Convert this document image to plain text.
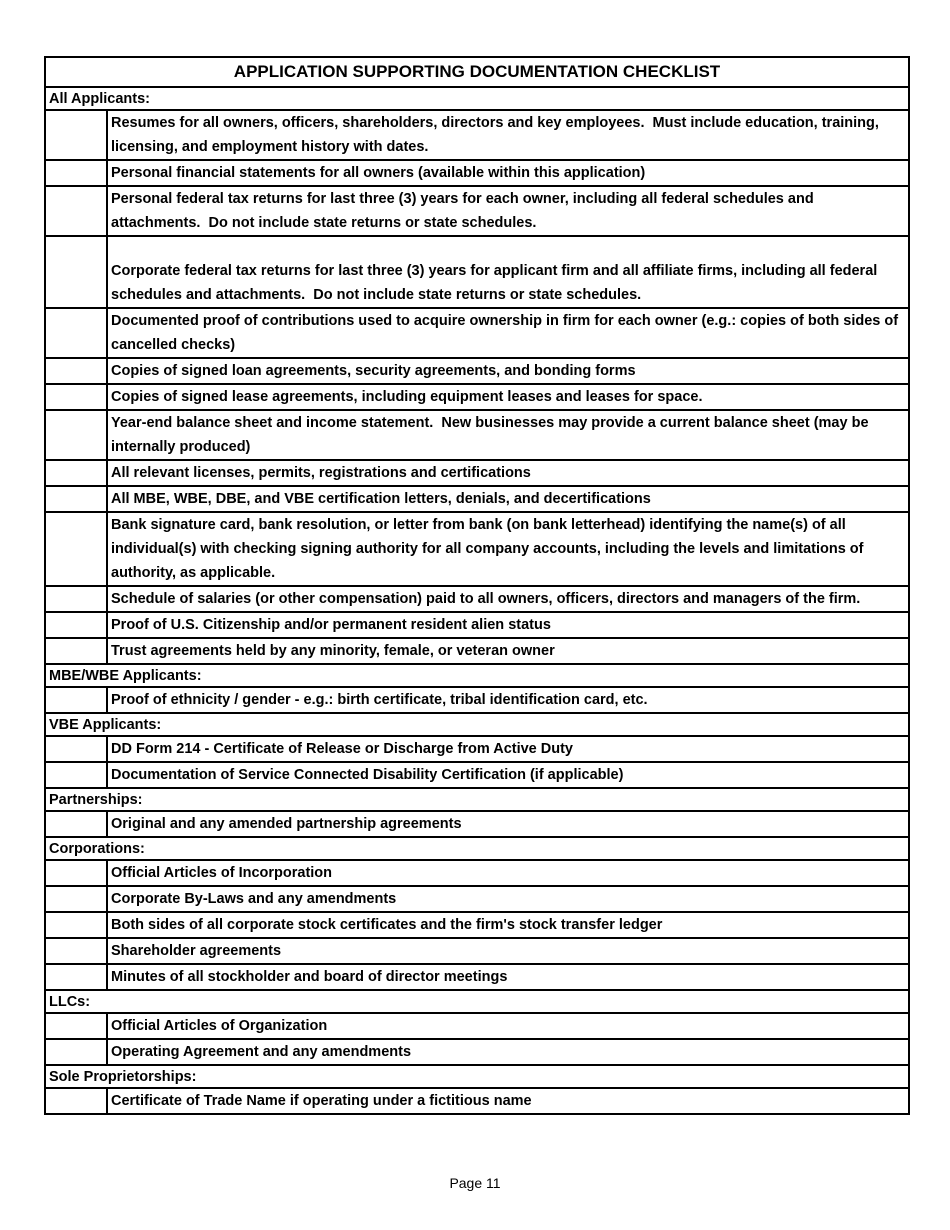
APPLICATION SUPPORTING DOCUMENTATION CHECKLIST
All Applicants:
Resumes for all owners, officers, shareholders, directors and key employees.  Must include education, training, licensing, and employment history with dates.
Personal financial statements for all owners (available within this application)
Personal federal tax returns for last three (3) years for each owner, including all federal schedules and attachments.  Do not include state returns or state schedules.
Corporate federal tax returns for last three (3) years for applicant firm and all affiliate firms, including all federal schedules and attachments.  Do not include state returns or state schedules.
Documented proof of contributions used to acquire ownership in firm for each owner (e.g.: copies of both sides of cancelled checks)
Copies of signed loan agreements, security agreements, and bonding forms
Copies of signed lease agreements, including equipment leases and leases for space.
Year-end balance sheet and income statement.  New businesses may provide a current balance sheet (may be internally produced)
All relevant licenses, permits, registrations and certifications
All MBE, WBE, DBE, and VBE certification letters, denials, and decertifications
Bank signature card, bank resolution, or letter from bank (on bank letterhead) identifying the name(s) of all individual(s) with checking signing authority for all company accounts, including the levels and limitations of authority, as applicable.
Schedule of salaries (or other compensation) paid to all owners, officers, directors and managers of the firm.
Proof of U.S. Citizenship and/or permanent resident alien status
Trust agreements held by any minority, female, or veteran owner
MBE/WBE Applicants:
Proof of ethnicity / gender - e.g.: birth certificate, tribal identification card, etc.
VBE Applicants:
DD Form 214 - Certificate of Release or Discharge from Active Duty
Documentation of Service Connected Disability Certification (if applicable)
Partnerships:
Original and any amended partnership agreements
Corporations:
Official Articles of Incorporation
Corporate By-Laws and any amendments
Both sides of all corporate stock certificates and the firm's stock transfer ledger
Shareholder agreements
Minutes of all stockholder and board of director meetings
LLCs:
Official Articles of Organization
Operating Agreement and any amendments
Sole Proprietorships:
Certificate of Trade Name if operating under a fictitious name
Page 11
